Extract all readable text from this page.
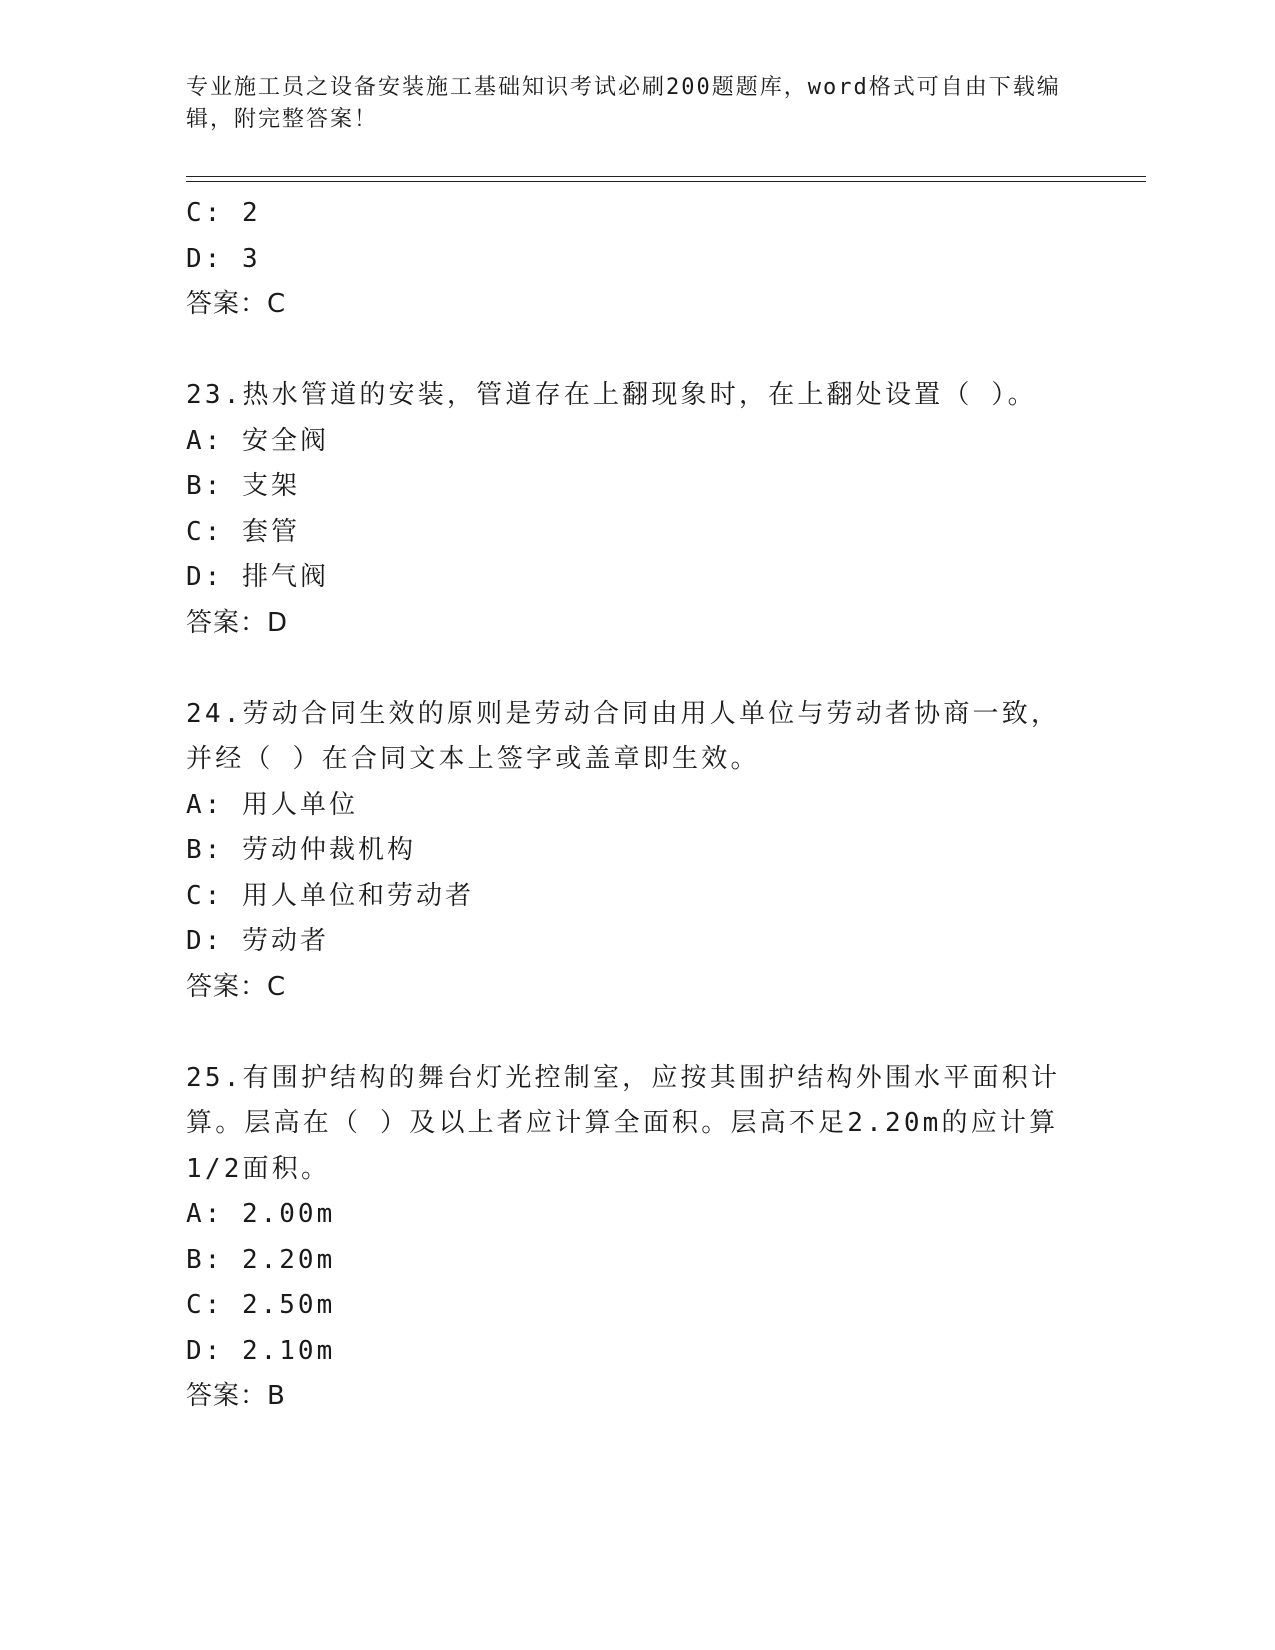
专业施工员之设备安装施工基础知识考试必刷200题题库，word格式可自由下载编辑，附完整答案！
C: 2
D: 3
答案：C
23.热水管道的安装，管道存在上翻现象时，在上翻处设置（ ）。
A: 安全阀
B: 支架
C: 套管
D: 排气阀
答案：D
24.劳动合同生效的原则是劳动合同由用人单位与劳动者协商一致，并经（ ）在合同文本上签字或盖章即生效。
A: 用人单位
B: 劳动仲裁机构
C: 用人单位和劳动者
D: 劳动者
答案：C
25.有围护结构的舞台灯光控制室，应按其围护结构外围水平面积计算。层高在（ ）及以上者应计算全面积。层高不足2.20m的应计算1/2面积。
A: 2.00m
B: 2.20m
C: 2.50m
D: 2.10m
答案：B
